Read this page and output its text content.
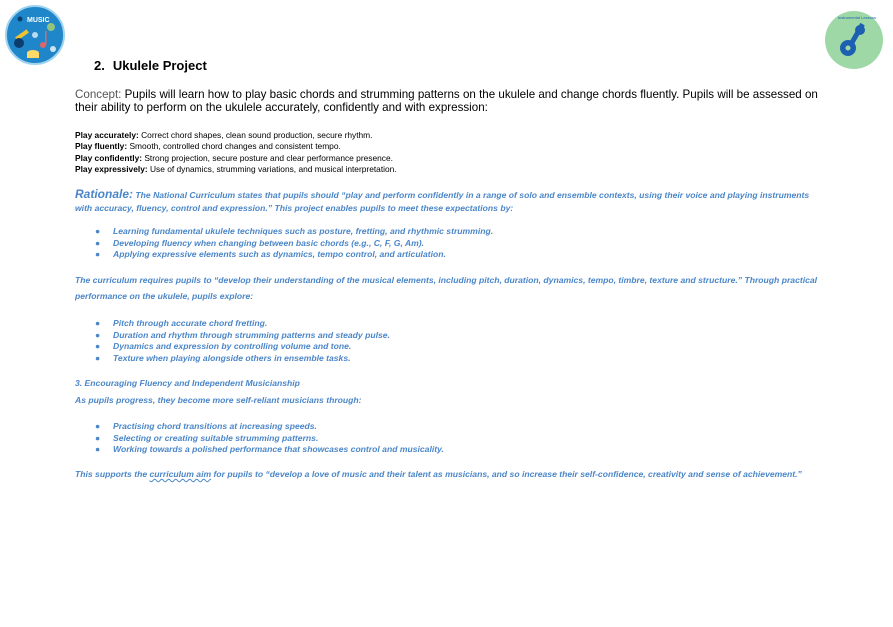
MUSIC	Instrumental Lessons
2. Ukulele Project
Concept: Pupils will learn how to play basic chords and strumming patterns on the ukulele and change chords fluently. Pupils will be assessed on their ability to perform on the ukulele accurately, confidently and with expression:
Play accurately: Correct chord shapes, clean sound production, secure rhythm.
Play fluently: Smooth, controlled chord changes and consistent tempo.
Play confidently: Strong projection, secure posture and clear performance presence.
Play expressively: Use of dynamics, strumming variations, and musical interpretation.
Rationale: The National Curriculum states that pupils should “play and perform confidently in a range of solo and ensemble contexts, using their voice and playing instruments with accuracy, fluency, control and expression.” This project enables pupils to meet these expectations by:
● Learning fundamental ukulele techniques such as posture, fretting, and rhythmic strumming.
● Developing fluency when changing between basic chords (e.g., C, F, G, Am).
● Applying expressive elements such as dynamics, tempo control, and articulation.
The curriculum requires pupils to “develop their understanding of the musical elements, including pitch, duration, dynamics, tempo, timbre, texture and structure.” Through practical performance on the ukulele, pupils explore:
● Pitch through accurate chord fretting.
● Duration and rhythm through strumming patterns and steady pulse.
● Dynamics and expression by controlling volume and tone.
● Texture when playing alongside others in ensemble tasks.
3. Encouraging Fluency and Independent Musicianship
As pupils progress, they become more self-reliant musicians through:
● Practising chord transitions at increasing speeds.
● Selecting or creating suitable strumming patterns.
● Working towards a polished performance that showcases control and musicality.
This supports the curriculum aim for pupils to “develop a love of music and their talent as musicians, and so increase their self-confidence, creativity and sense of achievement.”
